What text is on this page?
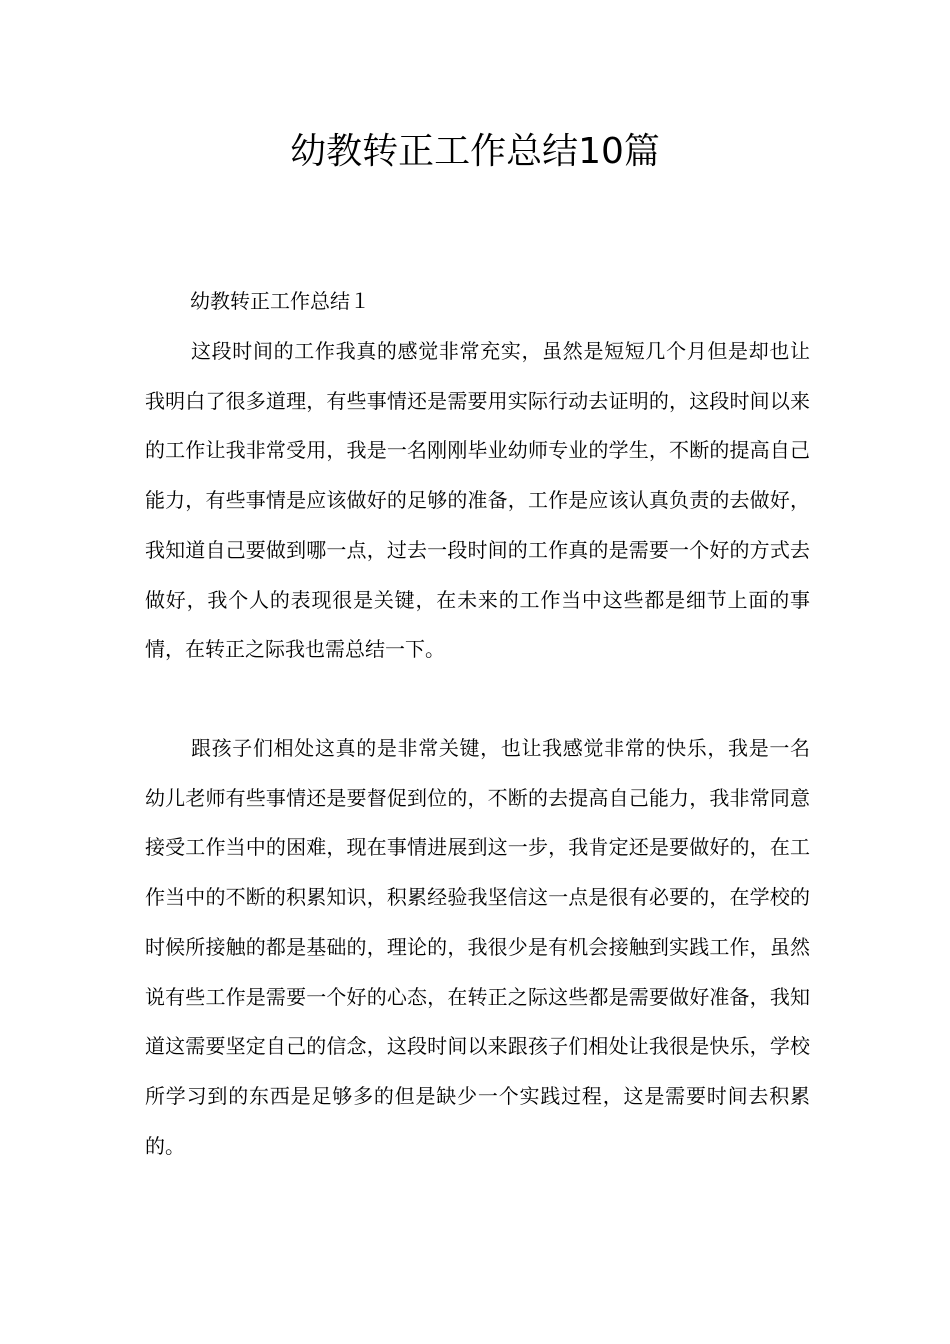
幼教转正工作总结10篇
幼教转正工作总结１

这段时间的工作我真的感觉非常充实，虽然是短短几个月但是却也让我明白了很多道理，有些事情还是需要用实际行动去证明的，这段时间以来的工作让我非常受用，我是一名刚刚毕业幼师专业的学生，不断的提高自己能力，有些事情是应该做好的足够的准备，工作是应该认真负责的去做好，我知道自己要做到哪一点，过去一段时间的工作真的是需要一个好的方式去做好，我个人的表现很是关键，在未来的工作当中这些都是细节上面的事情，在转正之际我也需总结一下。

跟孩子们相处这真的是非常关键，也让我感觉非常的快乐，我是一名幼儿老师有些事情还是要督促到位的，不断的去提高自己能力，我非常同意接受工作当中的困难，现在事情进展到这一步，我肯定还是要做好的，在工作当中的不断的积累知识，积累经验我坚信这一点是很有必要的，在学校的时候所接触的都是基础的，理论的，我很少是有机会接触到实践工作，虽然说有些工作是需要一个好的心态，在转正之际这些都是需要做好准备，我知道这需要坚定自己的信念，这段时间以来跟孩子们相处让我很是快乐，学校所学习到的东西是足够多的但是缺少一个实践过程，这是需要时间去积累的。
